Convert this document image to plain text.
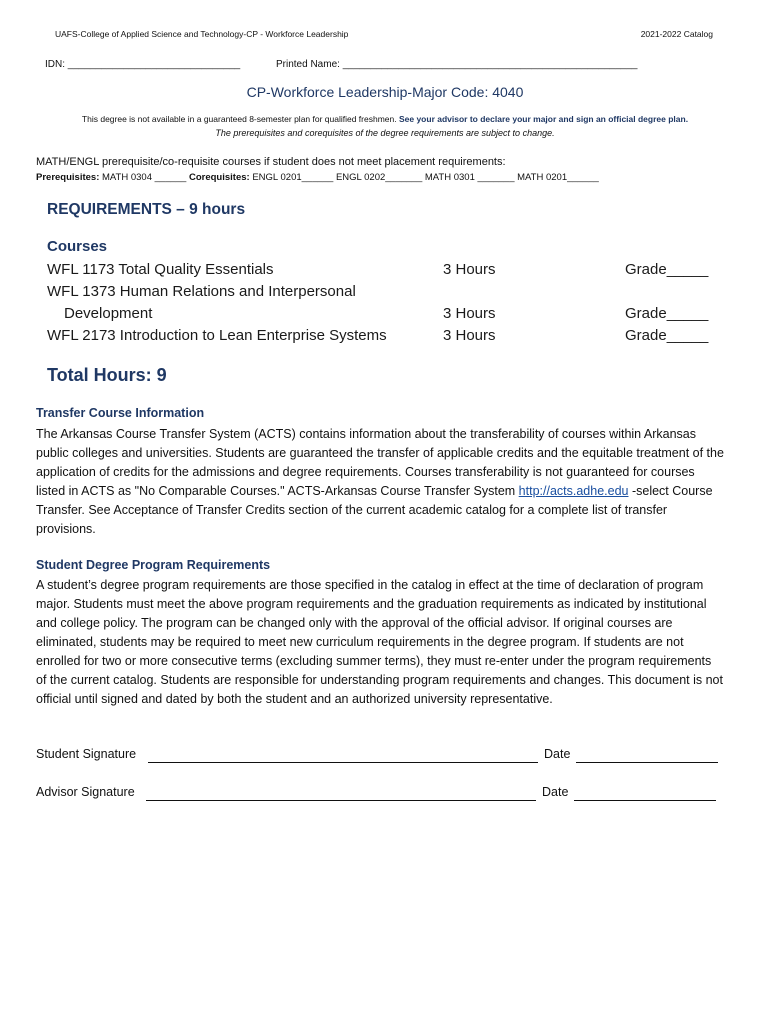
UAFS-College of Applied Science and Technology-CP - Workforce Leadership	2021-2022 Catalog
IDN: _______________________________	Printed Name: _____________________________________________________
CP-Workforce Leadership-Major Code: 4040
This degree is not available in a guaranteed 8-semester plan for qualified freshmen. See your advisor to declare your major and sign an official degree plan.
The prerequisites and corequisites of the degree requirements are subject to change.
MATH/ENGL prerequisite/co-requisite courses if student does not meet placement requirements:
Prerequisites: MATH 0304 ______ Corequisites: ENGL 0201______ ENGL 0202_______ MATH 0301 _______ MATH 0201______
REQUIREMENTS – 9 hours
Courses
WFL 1173 Total Quality Essentials	3 Hours	Grade_____
WFL 1373 Human Relations and Interpersonal
Development	3 Hours	Grade_____
WFL 2173 Introduction to Lean Enterprise Systems	3 Hours	Grade_____
Total Hours: 9
Transfer Course Information
The Arkansas Course Transfer System (ACTS) contains information about the transferability of courses within Arkansas public colleges and universities. Students are guaranteed the transfer of applicable credits and the equitable treatment of the application of credits for the admissions and degree requirements. Courses transferability is not guaranteed for courses listed in ACTS as "No Comparable Courses." ACTS-Arkansas Course Transfer System http://acts.adhe.edu -select Course Transfer. See Acceptance of Transfer Credits section of the current academic catalog for a complete list of transfer provisions.
Student Degree Program Requirements
A student’s degree program requirements are those specified in the catalog in effect at the time of declaration of program major. Students must meet the above program requirements and the graduation requirements as indicated by institutional and college policy. The program can be changed only with the approval of the official advisor. If original courses are eliminated, students may be required to meet new curriculum requirements in the degree program. If students are not enrolled for two or more consecutive terms (excluding summer terms), they must re-enter under the program requirements of the current catalog. Students are responsible for understanding program requirements and changes. This document is not official until signed and dated by both the student and an authorized university representative.
Student Signature	Date
Advisor Signature	Date
